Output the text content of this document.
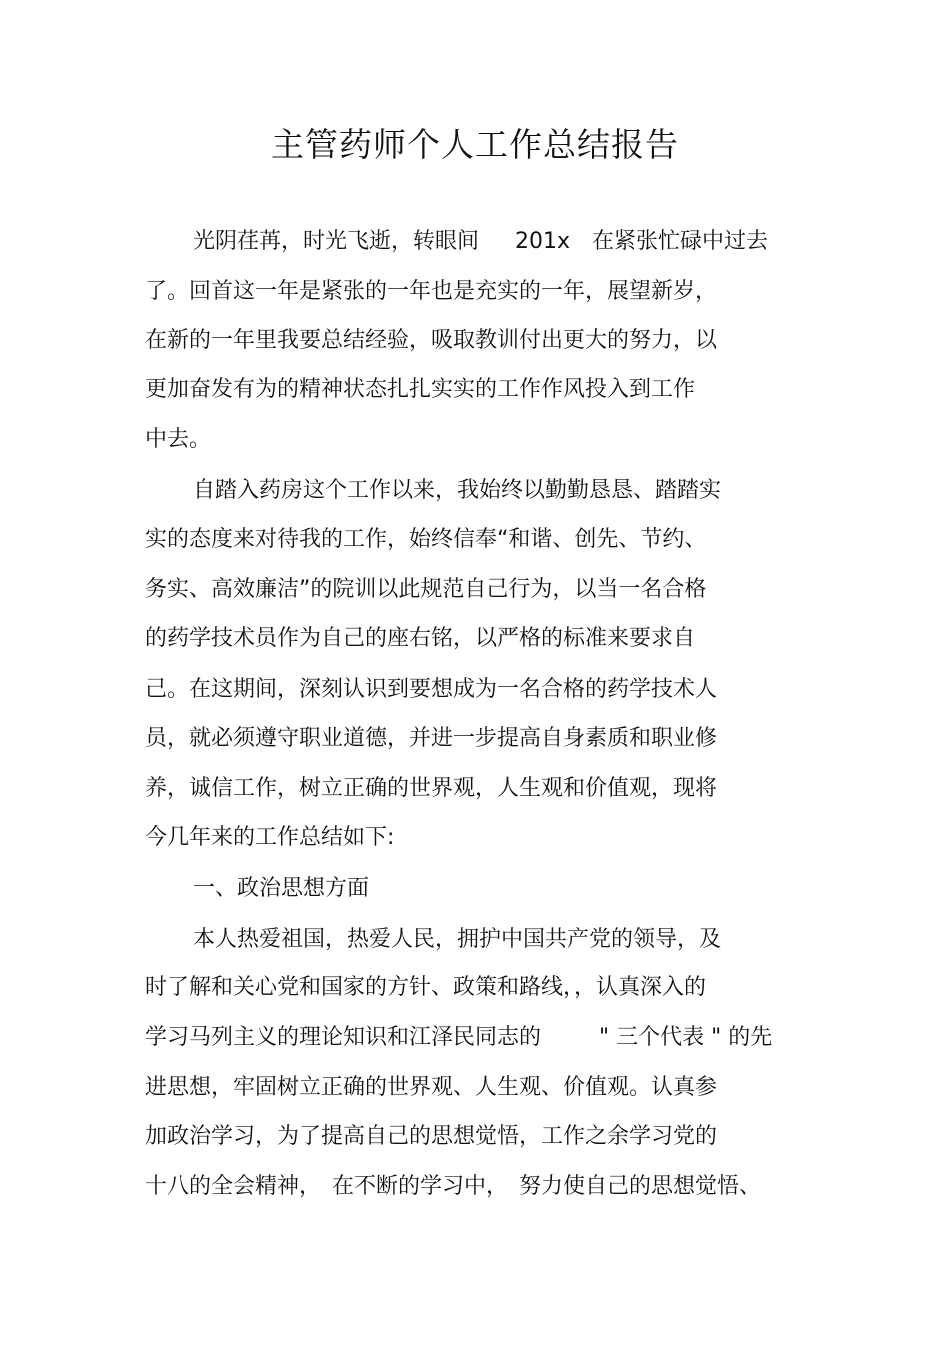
主管药师个人工作总结报告

光阴荏苒，时光飞逝，转眼间　  201x　在紧张忙碌中过去

了。回首这一年是紧张的一年也是充实的一年，展望新岁，

在新的一年里我要总结经验，吸取教训付出更大的努力，以

更加奋发有为的精神状态扎扎实实的工作作风投入到工作

中去。

自踏入药房这个工作以来，我始终以勤勤恳恳、踏踏实

实的态度来对待我的工作，始终信奉“和谐、创先、节约、

务实、高效廉洁”的院训以此规范自己行为，以当一名合格

的药学技术员作为自己的座右铭，以严格的标准来要求自

己。在这期间，深刻认识到要想成为一名合格的药学技术人

员，就必须遵守职业道德，并进一步提高自身素质和职业修

养，诚信工作，树立正确的世界观，人生观和价值观，现将

今几年来的工作总结如下:

一、政治思想方面

本人热爱祖国，热爱人民，拥护中国共产党的领导，及

时了解和关心党和国家的方针、政策和路线，，认真深入的

学习马列主义的理论知识和江泽民同志的　　  " 三个代表 " 的先

进思想，牢固树立正确的世界观、人生观、价值观。认真参

加政治学习，为了提高自己的思想觉悟，工作之余学习党的

十八的全会精神，　在不断的学习中，　努力使自己的思想觉悟、
